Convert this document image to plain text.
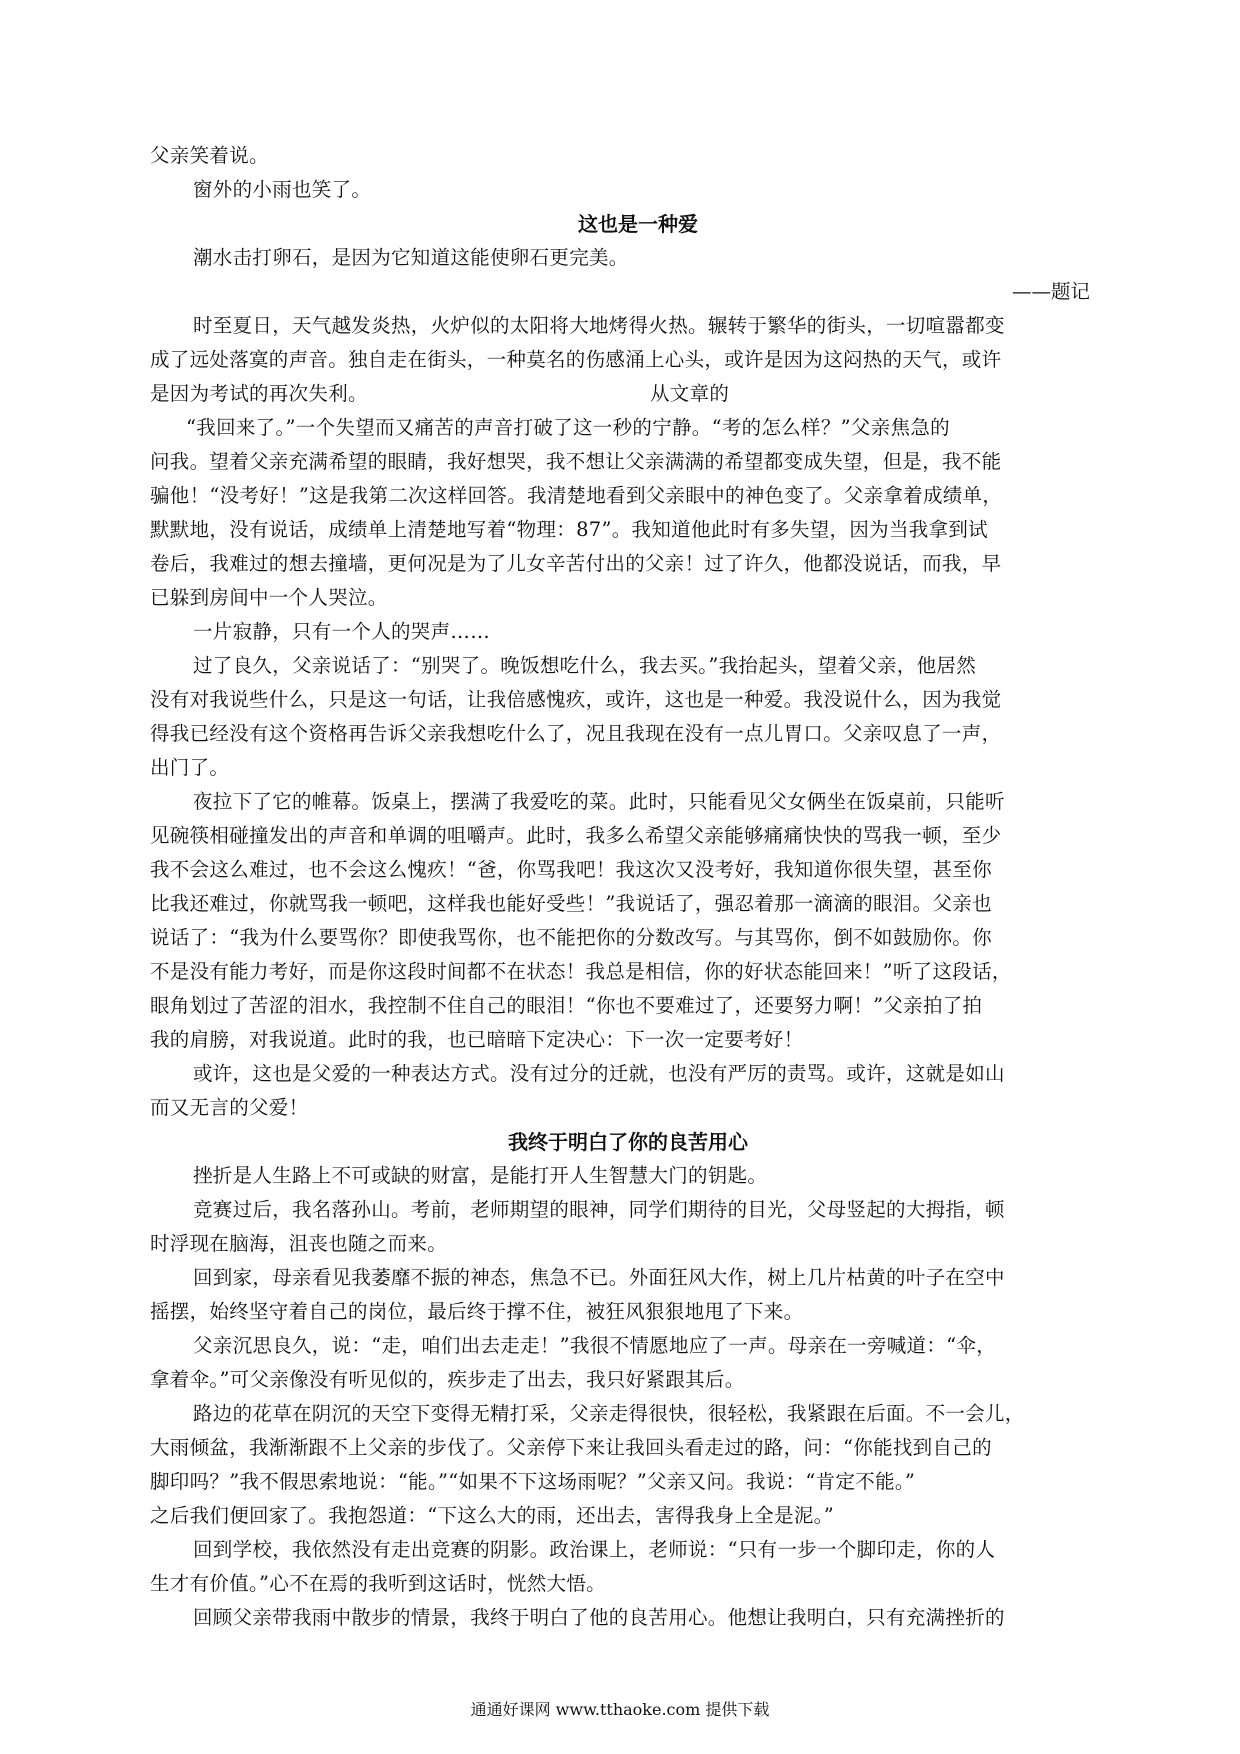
父亲笑着说。

窗外的小雨也笑了。

这也是一种爱

潮水击打卵石，是因为它知道这能使卵石更完美。

——题记

时至夏日，天气越发炎热，火炉似的太阳将大地烤得火热。辗转于繁华的街头，一切喧嚣都变

成了远处落寞的声音。独自走在街头，一种莫名的伤感涌上心头，或许是因为这闷热的天气，或许

是因为考试的再次失利。	从文章的

“我回来了。”一个失望而又痛苦的声音打破了这一秒的宁静。“考的怎么样？”父亲焦急的

问我。望着父亲充满希望的眼睛，我好想哭，我不想让父亲满满的希望都变成失望，但是，我不能

骗他！“没考好！”这是我第二次这样回答。我清楚地看到父亲眼中的神色变了。父亲拿着成绩单，

默默地，没有说话，成绩单上清楚地写着“物理：87”。我知道他此时有多失望，因为当我拿到试

卷后，我难过的想去撞墙，更何况是为了儿女辛苦付出的父亲！过了许久，他都没说话，而我，早

已躲到房间中一个人哭泣。

一片寂静，只有一个人的哭声……

过了良久，父亲说话了：“别哭了。晚饭想吃什么，我去买。”我抬起头，望着父亲，他居然

没有对我说些什么，只是这一句话，让我倍感愧疚，或许，这也是一种爱。我没说什么，因为我觉

得我已经没有这个资格再告诉父亲我想吃什么了，况且我现在没有一点儿胃口。父亲叹息了一声，

出门了。

夜拉下了它的帷幕。饭桌上，摆满了我爱吃的菜。此时，只能看见父女俩坐在饭桌前，只能听

见碗筷相碰撞发出的声音和单调的咀嚼声。此时，我多么希望父亲能够痛痛快快的骂我一顿，至少

我不会这么难过，也不会这么愧疚！“爸，你骂我吧！我这次又没考好，我知道你很失望，甚至你

比我还难过，你就骂我一顿吧，这样我也能好受些！”我说话了，强忍着那一滴滴的眼泪。父亲也

说话了：“我为什么要骂你？即使我骂你，也不能把你的分数改写。与其骂你，倒不如鼓励你。你

不是没有能力考好，而是你这段时间都不在状态！我总是相信，你的好状态能回来！”听了这段话，

眼角划过了苦涩的泪水，我控制不住自己的眼泪！“你也不要难过了，还要努力啊！”父亲拍了拍

我的肩膀，对我说道。此时的我，也已暗暗下定决心：下一次一定要考好！

或许，这也是父爱的一种表达方式。没有过分的迁就，也没有严厉的责骂。或许，这就是如山

而又无言的父爱！

我终于明白了你的良苦用心

挫折是人生路上不可或缺的财富，是能打开人生智慧大门的钥匙。

竞赛过后，我名落孙山。考前，老师期望的眼神，同学们期待的目光，父母竖起的大拇指，顿

时浮现在脑海，沮丧也随之而来。

回到家，母亲看见我萎靡不振的神态，焦急不已。外面狂风大作，树上几片枯黄的叶子在空中

摇摆，始终坚守着自己的岗位，最后终于撑不住，被狂风狠狠地甩了下来。

父亲沉思良久，说：“走，咱们出去走走！”我很不情愿地应了一声。母亲在一旁喊道：“伞，

拿着伞。”可父亲像没有听见似的，疾步走了出去，我只好紧跟其后。

路边的花草在阴沉的天空下变得无精打采，父亲走得很快，很轻松，我紧跟在后面。不一会儿，

大雨倾盆，我渐渐跟不上父亲的步伐了。父亲停下来让我回头看走过的路，问：“你能找到自己的

脚印吗？”我不假思索地说：“能。”“如果不下这场雨呢？”父亲又问。我说：“肯定不能。”

之后我们便回家了。我抱怨道：“下这么大的雨，还出去，害得我身上全是泥。”

回到学校，我依然没有走出竞赛的阴影。政治课上，老师说：“只有一步一个脚印走，你的人

生才有价值。”心不在焉的我听到这话时，恍然大悟。

回顾父亲带我雨中散步的情景，我终于明白了他的良苦用心。他想让我明白，只有充满挫折的

通通好课网 www.tthaoke.com 提供下载
